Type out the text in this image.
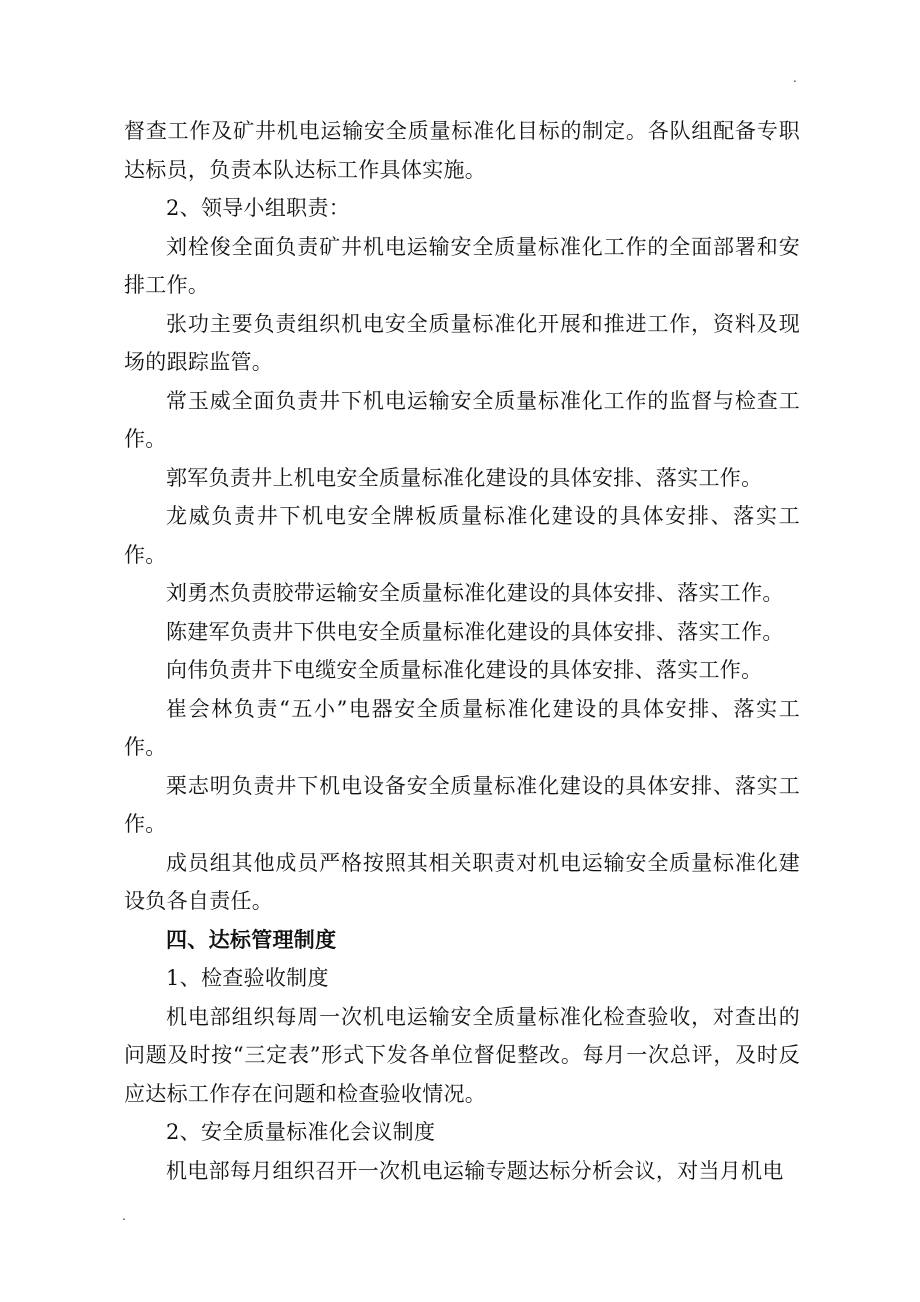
.

督查工作及矿井机电运输安全质量标准化目标的制定。各队组配备专职达标员，负责本队达标工作具体实施。

2、领导小组职责：

刘栓俊全面负责矿井机电运输安全质量标准化工作的全面部署和安排工作。

张功主要负责组织机电安全质量标准化开展和推进工作，资料及现场的跟踪监管。

常玉威全面负责井下机电运输安全质量标准化工作的监督与检查工作。

郭军负责井上机电安全质量标准化建设的具体安排、落实工作。

龙威负责井下机电安全牌板质量标准化建设的具体安排、落实工作。

刘勇杰负责胶带运输安全质量标准化建设的具体安排、落实工作。

陈建军负责井下供电安全质量标准化建设的具体安排、落实工作。

向伟负责井下电缆安全质量标准化建设的具体安排、落实工作。

崔会林负责“五小”电器安全质量标准化建设的具体安排、落实工作。

栗志明负责井下机电设备安全质量标准化建设的具体安排、落实工作。

成员组其他成员严格按照其相关职责对机电运输安全质量标准化建设负各自责任。

四、达标管理制度

1、检查验收制度

机电部组织每周一次机电运输安全质量标准化检查验收，对查出的问题及时按“三定表”形式下发各单位督促整改。每月一次总评，及时反应达标工作存在问题和检查验收情况。

2、安全质量标准化会议制度

机电部每月组织召开一次机电运输专题达标分析会议，对当月机电

.
